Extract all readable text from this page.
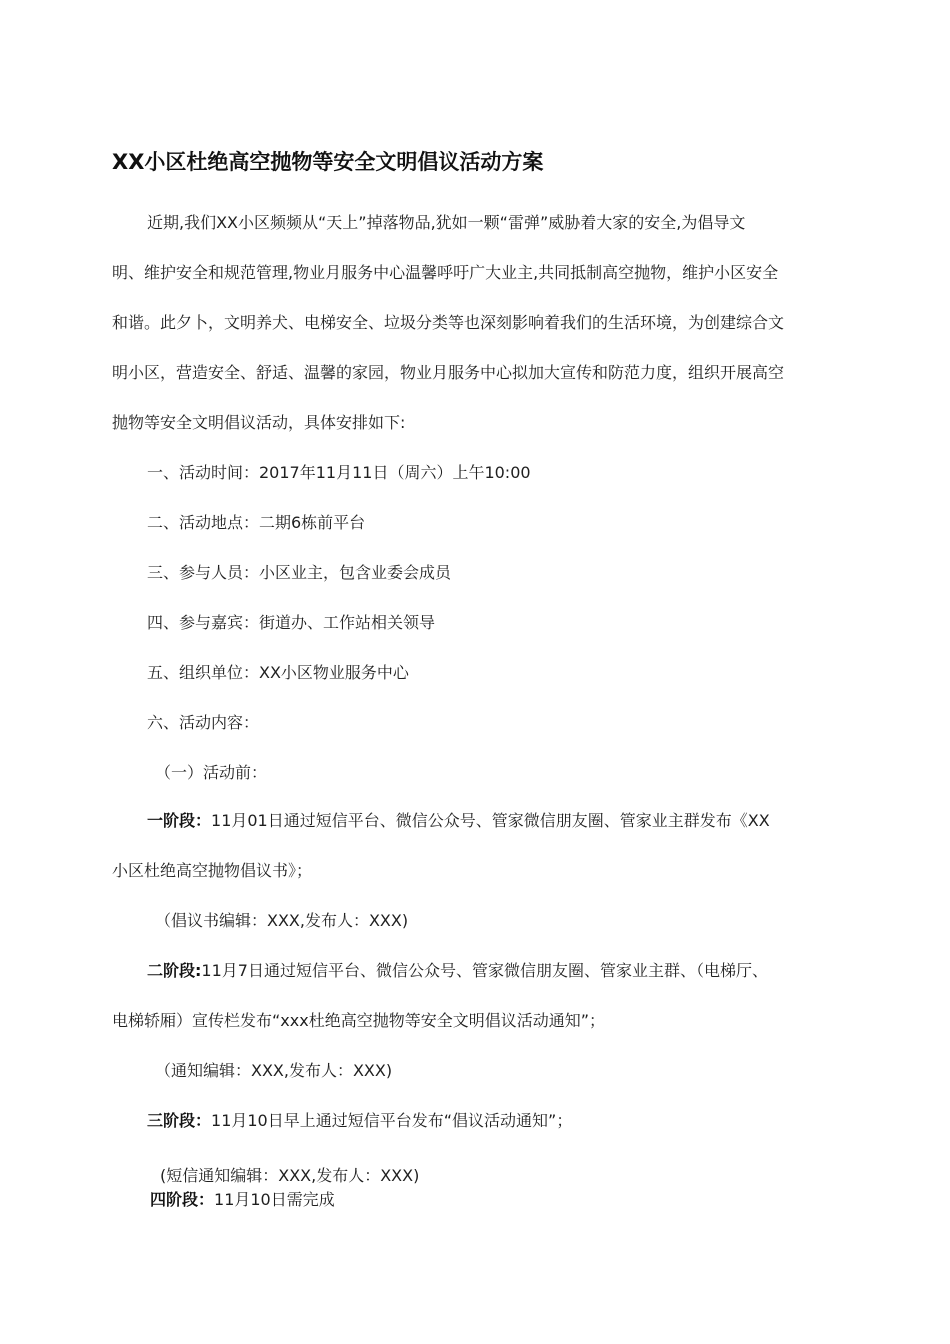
XX小区杜绝高空抛物等安全文明倡议活动方案
近期,我们XX小区频频从“天上”掉落物品,犹如一颗“雷弹”威胁着大家的安全,为倡导文
明、维护安全和规范管理,物业月服务中心温馨呼吁广大业主,共同抵制高空抛物，维护小区安全
和谐。此夕卜，文明养犬、电梯安全、垃圾分类等也深刻影响着我们的生活环境，为创建综合文
明小区，营造安全、舒适、温馨的家园，物业月服务中心拟加大宣传和防范力度，组织开展高空
抛物等安全文明倡议活动，具体安排如下:
一、活动时间：2017年11月11日（周六）上午10:00
二、活动地点：二期6栋前平台
三、参与人员：小区业主，包含业委会成员
四、参与嘉宾：街道办、工作站相关领导
五、组织单位：XX小区物业服务中心
六、活动内容：
（一）活动前：
一阶段：11月01日通过短信平台、微信公众号、管家微信朋友圈、管家业主群发布《XX
小区杜绝高空抛物倡议书》；
（倡议书编辑：XXX,发布人：XXX)
二阶段:11月7日通过短信平台、微信公众号、管家微信朋友圈、管家业主群、（电梯厅、
电梯轿厢）宣传栏发布“xxx杜绝高空抛物等安全文明倡议活动通知”；
（通知编辑：XXX,发布人：XXX)
三阶段：11月10日早上通过短信平台发布“倡议活动通知”；
(短信通知编辑：XXX,发布人：XXX)
四阶段：11月10日需完成
